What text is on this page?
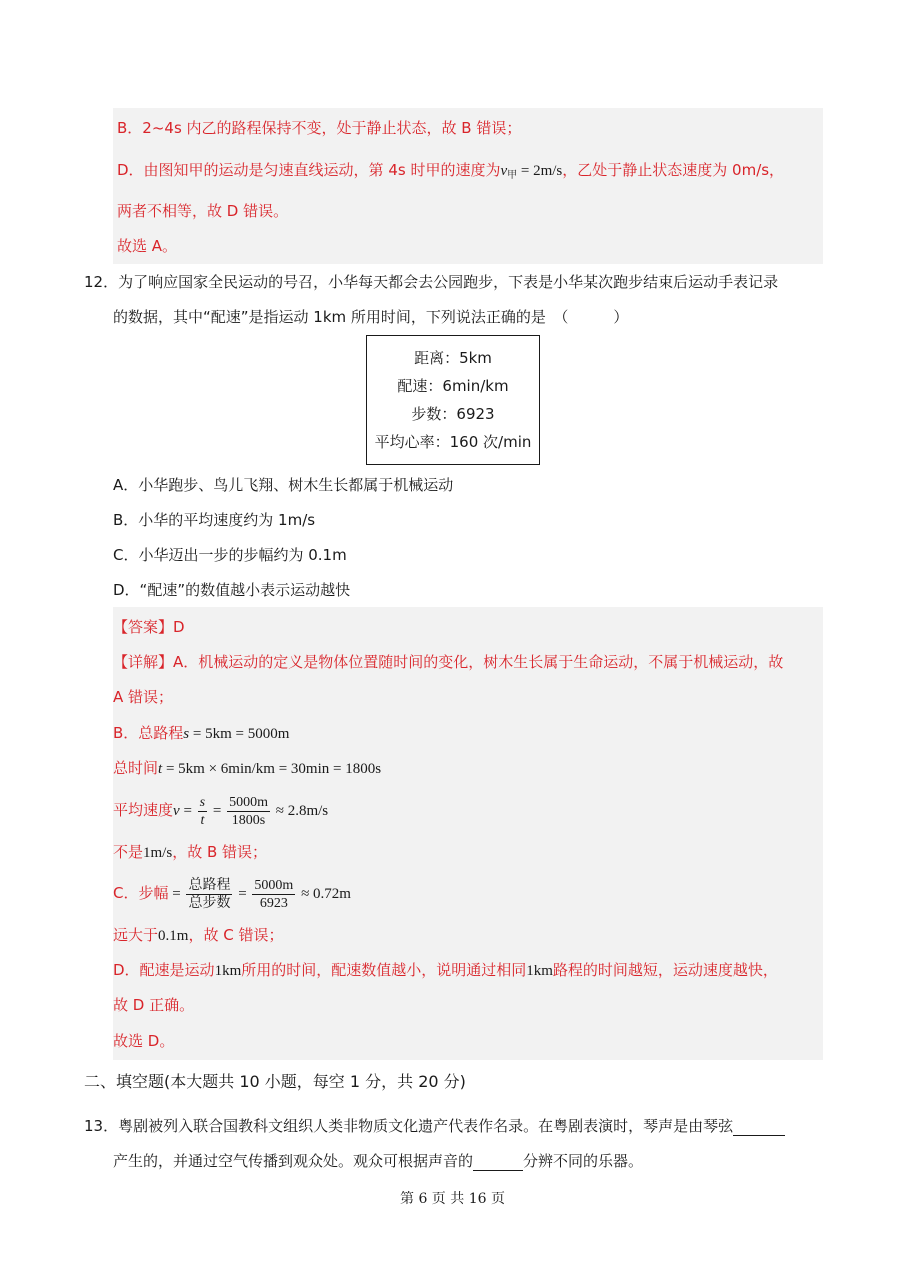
B．2~4s 内乙的路程保持不变，处于静止状态，故 B 错误；
D．由图知甲的运动是匀速直线运动，第 4s 时甲的速度为$v_甲 = 2m/s$，乙处于静止状态速度为 0m/s，
两者不相等，故 D 错误。
故选 A。
12．为了响应国家全民运动的号召，小华每天都会去公园跑步，下表是小华某次跑步结束后运动手表记录
的数据，其中“配速”是指运动 1km 所用时间，下列说法正确的是　（　　　）
距离：5km
配速：6min/km
步数：6923
平均心率：160 次/min
A．小华跑步、鸟儿飞翔、树木生长都属于机械运动
B．小华的平均速度约为 1m/s
C．小华迈出一步的步幅约为 0.1m
D．“配速”的数值越小表示运动越快
【答案】D
【详解】A．机械运动的定义是物体位置随时间的变化，树木生长属于生命运动，不属于机械运动，故
A 错误；
B．总路程s = 5km = 5000m
总时间t = 5km × 6min/km = 30min = 1800s
平均速度$v = \frac{s}{t} = \frac{5000m}{1800s} \approx 2.8m/s$
不是1m/s，故 B 错误；
C．步幅 = $\frac{\text{总路程}}{\text{总步数}} = \frac{5000m}{6923} \approx 0.72m$
远大于0.1m，故 C 错误；
D．配速是运动1km所用的时间，配速数值越小，说明通过相同1km路程的时间越短，运动速度越快，
故 D 正确。
故选 D。
二、填空题(本大题共 10 小题，每空 1 分，共 20 分)
13．粤剧被列入联合国教科文组织人类非物质文化遗产代表作名录。在粤剧表演时，琴声是由琴弦
产生的，并通过空气传播到观众处。观众可根据声音的	分辨不同的乐器。
第 6 页 共 16 页
